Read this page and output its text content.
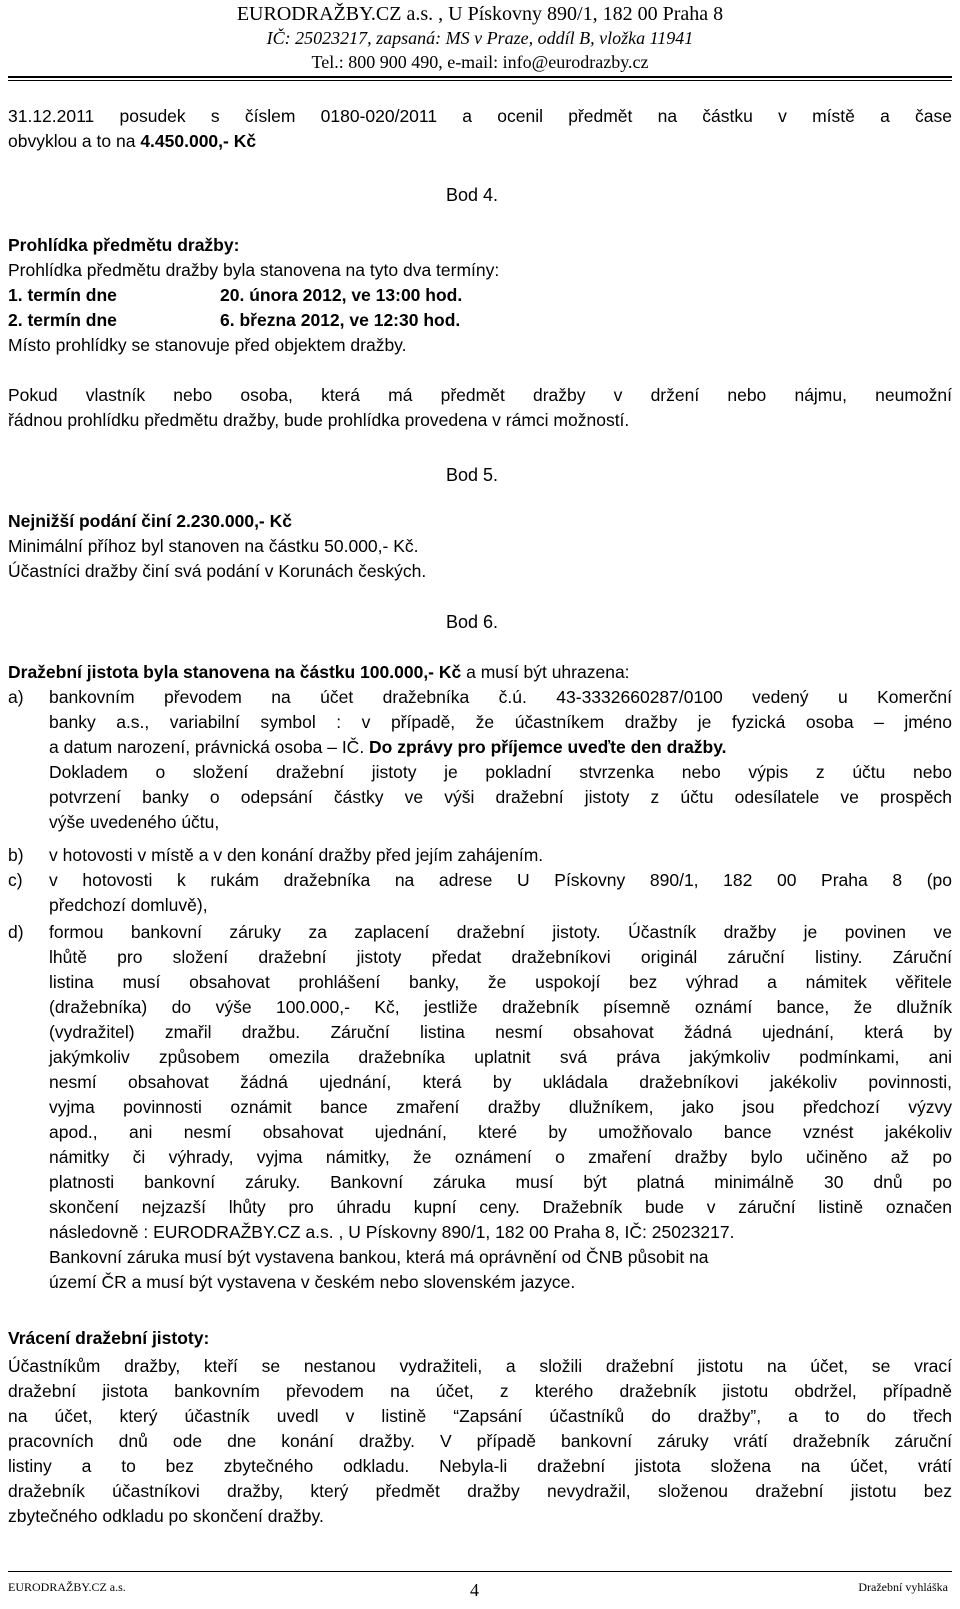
EURODRAŽBY.CZ a.s. , U Pískovny 890/1, 182 00 Praha 8
IČ: 25023217, zapsaná: MS v Praze, oddíl B, vložka 11941
Tel.: 800 900 490, e-mail: info@eurodrazby.cz
31.12.2011 posudek s číslem 0180-020/2011 a ocenil předmět na částku v místě a čase
obvyklou a to na 4.450.000,- Kč
Bod 4.
Prohlídka předmětu dražby:
Prohlídka předmětu dražby byla stanovena na tyto dva termíny:
1. termín dne	20. února 2012, ve 13:00 hod.
2. termín dne	6. března 2012, ve 12:30 hod.
Místo prohlídky se stanovuje před objektem dražby.
Pokud vlastník nebo osoba, která má předmět dražby v držení nebo nájmu, neumožní
řádnou prohlídku předmětu dražby, bude prohlídka provedena v rámci možností.
Bod 5.
Nejnižší podání činí 2.230.000,- Kč
Minimální příhoz byl stanoven na částku 50.000,- Kč.
Účastníci dražby činí svá podání v Korunách českých.
Bod 6.
Dražební jistota byla stanovena na částku 100.000,- Kč a musí být uhrazena:
a) bankovním převodem na účet dražebníka č.ú. 43-3332660287/0100 vedený u Komerční
banky a.s., variabilní symbol : v případě, že účastníkem dražby je fyzická osoba – jméno
a datum narození, právnická osoba – IČ. Do zprávy pro příjemce uveďte den dražby.
Dokladem o složení dražební jistoty je pokladní stvrzenka nebo výpis z účtu nebo
potvrzení banky o odepsání částky ve výši dražební jistoty z účtu odesílatele ve prospěch
výše uvedeného účtu,
b) v hotovosti v místě a v den konání dražby před jejím zahájením.
c) v hotovosti k rukám dražebníka na adrese U Pískovny 890/1, 182 00 Praha 8 (po
předchozí domluvě),
d) formou bankovní záruky za zaplacení dražební jistoty. Účastník dražby je povinen ve
lhůtě pro složení dražební jistoty předat dražebníkovi originál záruční listiny. Záruční
listina musí obsahovat prohlášení banky, že uspokojí bez výhrad a námitek věřitele
(dražebníka) do výše 100.000,- Kč, jestliže dražebník písemně oznámí bance, že dlužník
(vydražitel) zmařil dražbu. Záruční listina nesmí obsahovat žádná ujednání, která by
jakýmkoliv způsobem omezila dražebníka uplatnit svá práva jakýmkoliv podmínkami, ani
nesmí obsahovat žádná ujednání, která by ukládala dražebníkovi jakékoliv povinnosti,
vyjma povinnosti oznámit bance zmaření dražby dlužníkem, jako jsou předchozí výzvy
apod., ani nesmí obsahovat ujednání, které by umožňovalo bance vznést jakékoliv
námitky či výhrady, vyjma námitky, že oznámení o zmaření dražby bylo učiněno až po
platnosti bankovní záruky. Bankovní záruka musí být platná minimálně 30 dnů po
skončení nejzazší lhůty pro úhradu kupní ceny. Dražebník bude v záruční listině označen
následovně : EURODRAŽBY.CZ a.s. , U Pískovny 890/1, 182 00 Praha 8, IČ: 25023217.
Bankovní záruka musí být vystavena bankou, která má oprávnění od ČNB působit na
území ČR a musí být vystavena v českém nebo slovenském jazyce.
Vrácení dražební jistoty:
Účastníkům dražby, kteří se nestanou vydražiteli, a složili dražební jistotu na účet, se vrací
dražební jistota bankovním převodem na účet, z kterého dražebník jistotu obdržel, případně
na účet, který účastník uvedl v listině “Zapsání účastníků do dražby”, a to do třech
pracovních dnů ode dne konání dražby. V případě bankovní záruky vrátí dražebník záruční
listiny a to bez zbytečného odkladu. Nebyla-li dražební jistota složena na účet, vrátí
dražebník účastníkovi dražby, který předmět dražby nevydražil, složenou dražební jistotu bez
zbytečného odkladu po skončení dražby.
EURODRAŽBY.CZ a.s.	4	Dražební vyhláška
